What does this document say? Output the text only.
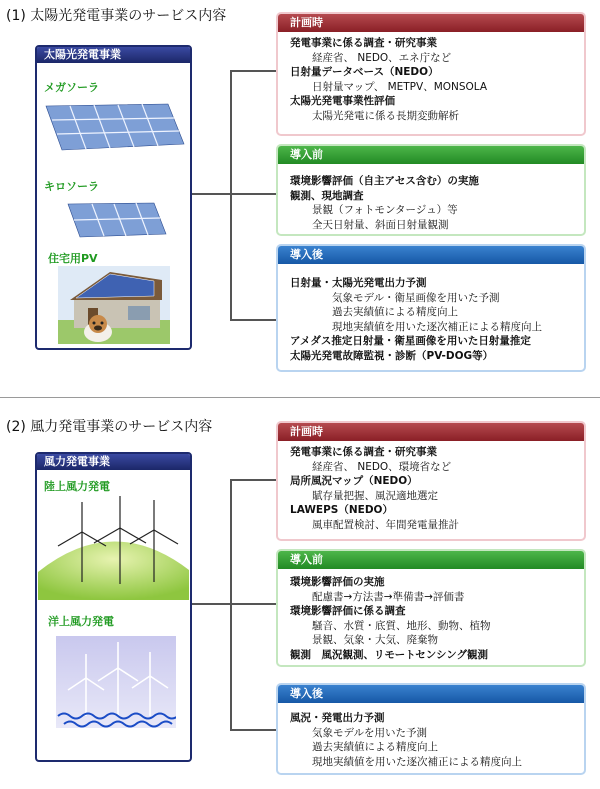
(1) 太陽光発電事業のサービス内容
太陽光発電事業
メガソーラ
キロソーラ
住宅用PV
計画時
発電事業に係る調査・研究事業
経産省、 NEDO、エネ庁など
日射量データベース（NEDO）
日射量マップ、 METPV、MONSOLA
太陽光発電事業性評価
太陽光発電に係る長期変動解析
導入前
環境影響評価（自主アセス含む）の実施
観測、現地調査
景観（フォトモンタージュ）等
全天日射量、斜面日射量観測
導入後
日射量・太陽光発電出力予測
気象モデル・衛星画像を用いた予測
過去実績値による精度向上
現地実績値を用いた逐次補正による精度向上
アメダス推定日射量・衛星画像を用いた日射量推定
太陽光発電故障監視・診断（PV-DOG等）
(2) 風力発電事業のサービス内容
風力発電事業
陸上風力発電
洋上風力発電
計画時
発電事業に係る調査・研究事業
経産省、 NEDO、環境省など
局所風況マップ（NEDO）
賦存量把握、風況適地選定
LAWEPS（NEDO）
風車配置検討、年間発電量推計
導入前
環境影響評価の実施
配慮書→方法書→準備書→評価書
環境影響評価に係る調査
騒音、水質・底質、地形、動物、植物
景観、気象・大気、廃棄物
観測　風況観測、リモートセンシング観測
導入後
風況・発電出力予測
気象モデルを用いた予測
過去実績値による精度向上
現地実績値を用いた逐次補正による精度向上
